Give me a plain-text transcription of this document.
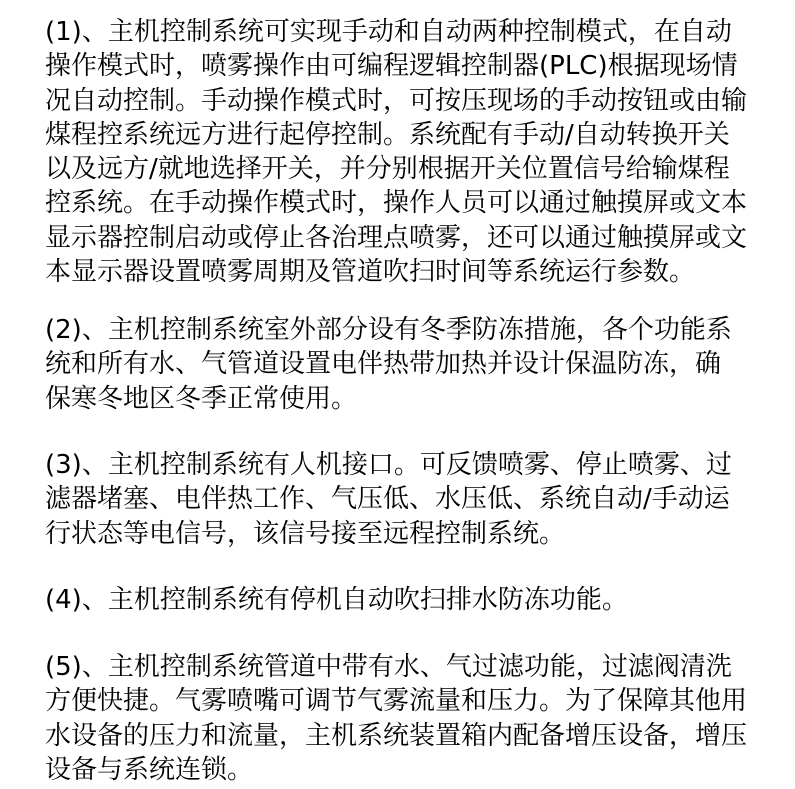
(1)、主机控制系统可实现手动和自动两种控制模式，在自动
操作模式时，喷雾操作由可编程逻辑控制器(PLC)根据现场情
况自动控制。手动操作模式时，可按压现场的手动按钮或由输
煤程控系统远方进行起停控制。系统配有手动/自动转换开关
以及远方/就地选择开关，并分别根据开关位置信号给输煤程
控系统。在手动操作模式时，操作人员可以通过触摸屏或文本
显示器控制启动或停止各治理点喷雾，还可以通过触摸屏或文
本显示器设置喷雾周期及管道吹扫时间等系统运行参数。
(2)、主机控制系统室外部分设有冬季防冻措施，各个功能系
统和所有水、气管道设置电伴热带加热并设计保温防冻，确
保寒冬地区冬季正常使用。
(3)、主机控制系统有人机接口。可反馈喷雾、停止喷雾、过
滤器堵塞、电伴热工作、气压低、水压低、系统自动/手动运
行状态等电信号，该信号接至远程控制系统。
(4)、主机控制系统有停机自动吹扫排水防冻功能。
(5)、主机控制系统管道中带有水、气过滤功能，过滤阀清洗
方便快捷。气雾喷嘴可调节气雾流量和压力。为了保障其他用
水设备的压力和流量，主机系统装置箱内配备增压设备，增压
设备与系统连锁。
